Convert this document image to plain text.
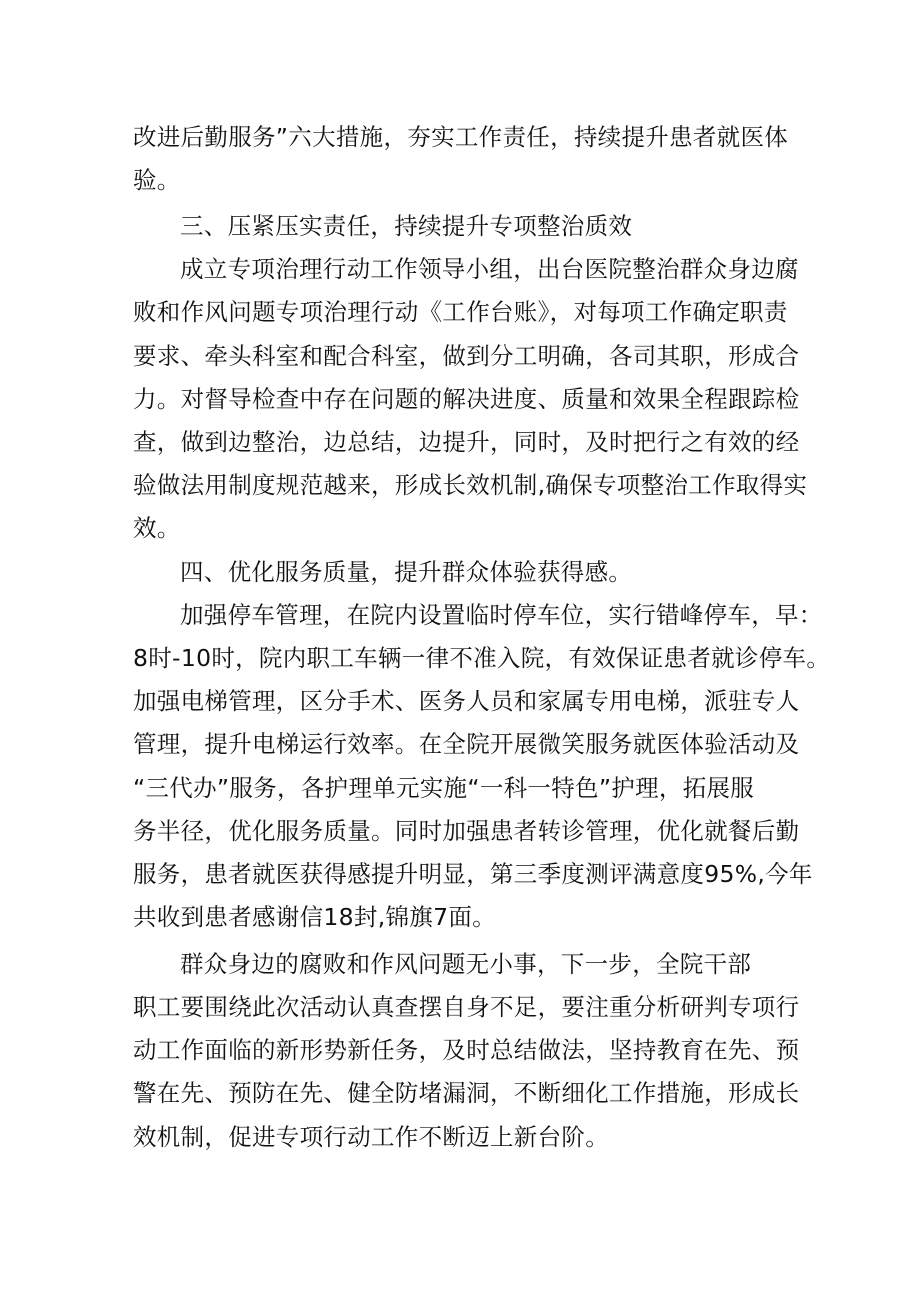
改进后勤服务”六大措施，夯实工作责任，持续提升患者就医体
验。
三、压紧压实责任，持续提升专项整治质效
成立专项治理行动工作领导小组，出台医院整治群众身边腐
败和作风问题专项治理行动《工作台账》，对每项工作确定职责
要求、牵头科室和配合科室，做到分工明确，各司其职，形成合
力。对督导检查中存在问题的解决进度、质量和效果全程跟踪检
查，做到边整治，边总结，边提升，同时，及时把行之有效的经
验做法用制度规范越来，形成长效机制,确保专项整治工作取得实
效。
四、优化服务质量，提升群众体验获得感。
加强停车管理，在院内设置临时停车位，实行错峰停车，早：
8时-10时，院内职工车辆一律不准入院，有效保证患者就诊停车。
加强电梯管理，区分手术、医务人员和家属专用电梯，派驻专人
管理，提升电梯运行效率。在全院开展微笑服务就医体验活动及
“三代办”服务，各护理单元实施“一科一特色”护理，拓展服
务半径，优化服务质量。同时加强患者转诊管理，优化就餐后勤
服务，患者就医获得感提升明显，第三季度测评满意度95%,今年
共收到患者感谢信18封,锦旗7面。
群众身边的腐败和作风问题无小事，下一步，全院干部
职工要围绕此次活动认真查摆自身不足，要注重分析研判专项行
动工作面临的新形势新任务，及时总结做法，坚持教育在先、预
警在先、预防在先、健全防堵漏洞，不断细化工作措施，形成长
效机制，促进专项行动工作不断迈上新台阶。
